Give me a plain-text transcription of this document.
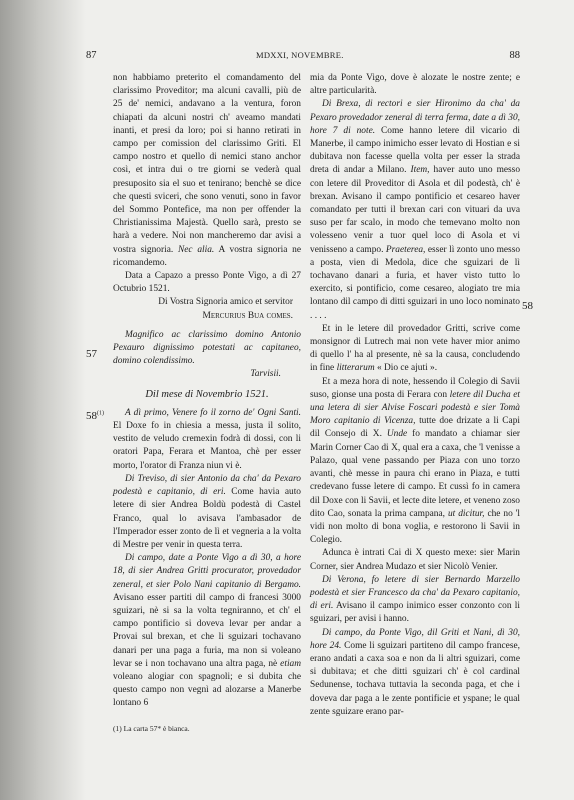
87	MDXXI, NOVEMBRE.	88
57
58$^{(1)}$
58

non habbiamo preterito el comandamento del clarissimo Proveditor; ma alcuni cavalli, più de 25 de' nemici, andavano a la ventura, foron chiapati da alcuni nostri ch' aveamo mandati inanti, et presi da loro; poi si hanno retirati in campo per comission del clarissimo Griti. El campo nostro et quello di nemici stano anchor così, et intra dui o tre giorni se vederà qual presuposito sia el suo et tenirano; benchè se dice che questi sviceri, che sono venuti, sono in favor del Sommo Pontefice, ma non per offender la Christianissima Majestà. Quello sarà, presto se harà a vedere. Noi non mancheremo dar avisi a vostra signoria. Nec alia. A vostra signoria ne ricomandemo.

Data a Capazo a presso Ponte Vigo, a dì 27 Octubrio 1521.

Di Vostra Signoria amico et servitor

Mercurius Bua comes.

Magnifico ac clarissimo domino Antonio Pexauro dignissimo potestati ac capitaneo, domino colendissimo.

Tarvisii.

Dil mese di Novembrio 1521.

A dì primo, Venere fo il zorno de' Ogni Santi. El Doxe fo in chiesia a messa, justa il solito, vestito de veludo cremexin fodrà di dossi, con li oratori Papa, Ferara et Mantoa, chè per esser morto, l'orator di Franza niun vi è.

Di Treviso, di sier Antonio da cha' da Pexaro podestà e capitanio, di eri. Come havia auto letere di sier Andrea Boldù podestà di Castel Franco, qual lo avisava l'ambasador de l'Imperador esser zonto de lì et vegneria a la volta di Mestre per venir in questa terra.

Di campo, date a Ponte Vigo a dì 30, a hore 18, di sier Andrea Gritti procurator, provedador zeneral, et sier Polo Nani capitanio di Bergamo. Avisano esser partiti dil campo di francesi 3000 sguizari, nè si sa la volta tegniranno, et ch' el campo pontificio si doveva levar per andar a Provai sul brexan, et che li sguizari tochavano danari per una paga a furia, ma non si voleano levar se i non tochavano una altra paga, nè etiam voleano alogiar con spagnoli; e si dubita che questo campo non vegnì ad alozarse a Manerbe lontano 6

(1) La carta 57* è bianca.

mia da Ponte Vigo, dove è alozate le nostre zente; e altre particularità.

Di Brexa, di rectori e sier Hironimo da cha' da Pexaro provedador zeneral di terra ferma, date a dì 30, hore 7 di note. Come hanno letere dil vicario di Manerbe, il campo inimicho esser levato di Hostian e si dubitava non facesse quella volta per esser la strada dreta di andar a Milano. Item, haver auto uno messo con letere dil Proveditor di Asola et dil podestà, ch' è brexan. Avisano il campo pontificio et cesareo haver comandato per tutti il brexan cari con vituari da uva suso per far scalo, in modo che temevano molto non volesseno venir a tuor quel loco di Asola et vi venisseno a campo. Praeterea, esser lì zonto uno messo a posta, vien di Medola, dice che sguizari de lì tochavano danari a furia, et haver visto tutto lo exercito, si pontificio, come cesareo, alogiato tre mia lontano dil campo di ditti sguizari in uno loco nominato . . . .

Et in le letere dil provedador Gritti, scrive come monsignor di Lutrech mai non vete haver mior animo di quello l' ha al presente, nè sa la causa, concludendo in fine litterarum « Dio ce ajuti ».

Et a meza hora di note, hessendo il Colegio di Savii suso, gionse una posta di Ferara con letere dil Ducha et una letera di sier Alvise Foscari podestà e sier Tomà Moro capitanio di Vicenza, tutte doe drizate a li Capi dil Consejo di X. Unde fo mandato a chiamar sier Marin Corner Cao di X, qual era a caxa, che 'l venisse a Palazo, qual vene passando per Piaza con uno torzo avanti, chè messe in paura chi erano in Piaza, e tutti credevano fusse letere di campo. Et cussì fo in camera dil Doxe con li Savii, et lecte dite letere, et veneno zoso dito Cao, sonata la prima campana, ut dicitur, che no 'l vidi non molto di bona voglia, e restorono li Savii in Colegio.

Adunca è intrati Cai di X questo mexe: sier Marin Corner, sier Andrea Mudazo et sier Nicolò Venier.

Di Verona, fo letere di sier Bernardo Marzello podestà et sier Francesco da cha' da Pexaro capitanio, di eri. Avisano il campo inimico esser conzonto con li sguizari, per avisi i hanno.

Di campo, da Ponte Vigo, dil Griti et Nani, dì 30, hore 24. Come li sguizari partiteno dil campo francese, erano andati a caxa soa e non da li altri sguizari, come si dubitava; et che ditti sguizari ch' è col cardinal Sedunense, tochava tuttavia la seconda paga, et che i doveva dar paga a le zente pontificie et yspane; le qual zente sguizare erano par-
